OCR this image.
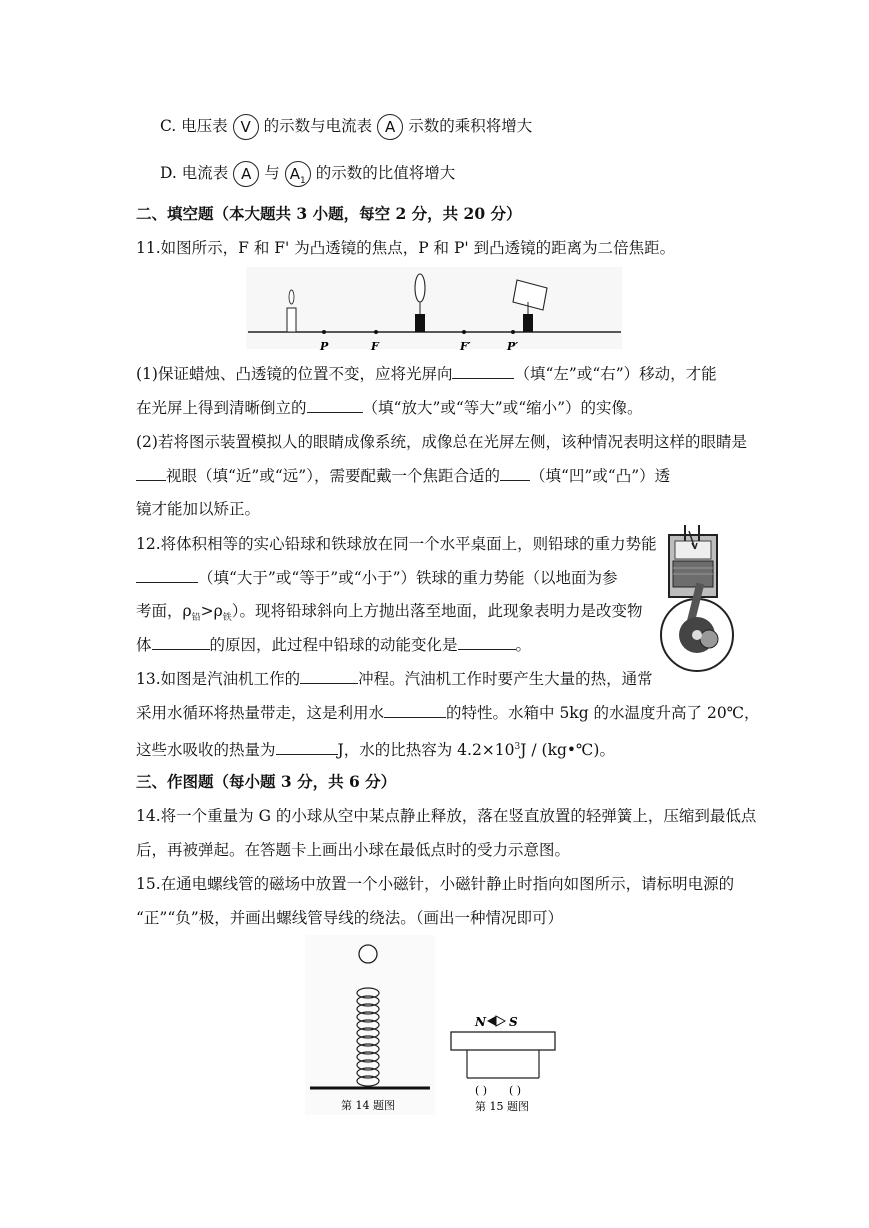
C. 电压表 V 的示数与电流表 A 示数的乘积将增大
D. 电流表 A 与 $A_1$ 的示数的比值将增大
二、填空题（本大题共 3 小题，每空 2 分，共 20 分）
11.如图所示，F 和 F' 为凸透镜的焦点，P 和 P' 到凸透镜的距离为二倍焦距。
P	F	F′	P′
(1)保证蜡烛、凸透镜的位置不变，应将光屏向	（填“左”或“右”）移动，才能
在光屏上得到清晰倒立的	（填“放大”或“等大”或“缩小”）的实像。
(2)若将图示装置模拟人的眼睛成像系统，成像总在光屏左侧，该种情况表明这样的眼睛是
视眼（填“近”或“远”），需要配戴一个焦距合适的 （填“凹”或“凸”）透
镜才能加以矫正。
12.将体积相等的实心铅球和铁球放在同一个水平桌面上，则铅球的重力势能
（填“大于”或“等于”或“小于”）铁球的重力势能（以地面为参
考面，$\rho_铅>\rho_铁$）。现将铅球斜向上方抛出落至地面，此现象表明力是改变物
体	的原因，此过程中铅球的动能变化是	。
13.如图是汽油机工作的	冲程。汽油机工作时要产生大量的热，通常
采用水循环将热量带走，这是利用水	的特性。水箱中 5kg 的水温度升高了 20℃，
这些水吸收的热量为	J，水的比热容为 $4.2\times 10^3J$ / (kg•℃)。
三、作图题（每小题 3 分，共 6 分）
14.将一个重量为 G 的小球从空中某点静止释放，落在竖直放置的轻弹簧上，压缩到最低点
后，再被弹起。在答题卡上画出小球在最低点时的受力示意图。
15.在通电螺线管的磁场中放置一个小磁针，小磁针静止时指向如图所示，请标明电源的
“正”“负”极，并画出螺线管导线的绕法。（画出一种情况即可）
第 14 题图
N S
( ) ( )
第 15 题图
